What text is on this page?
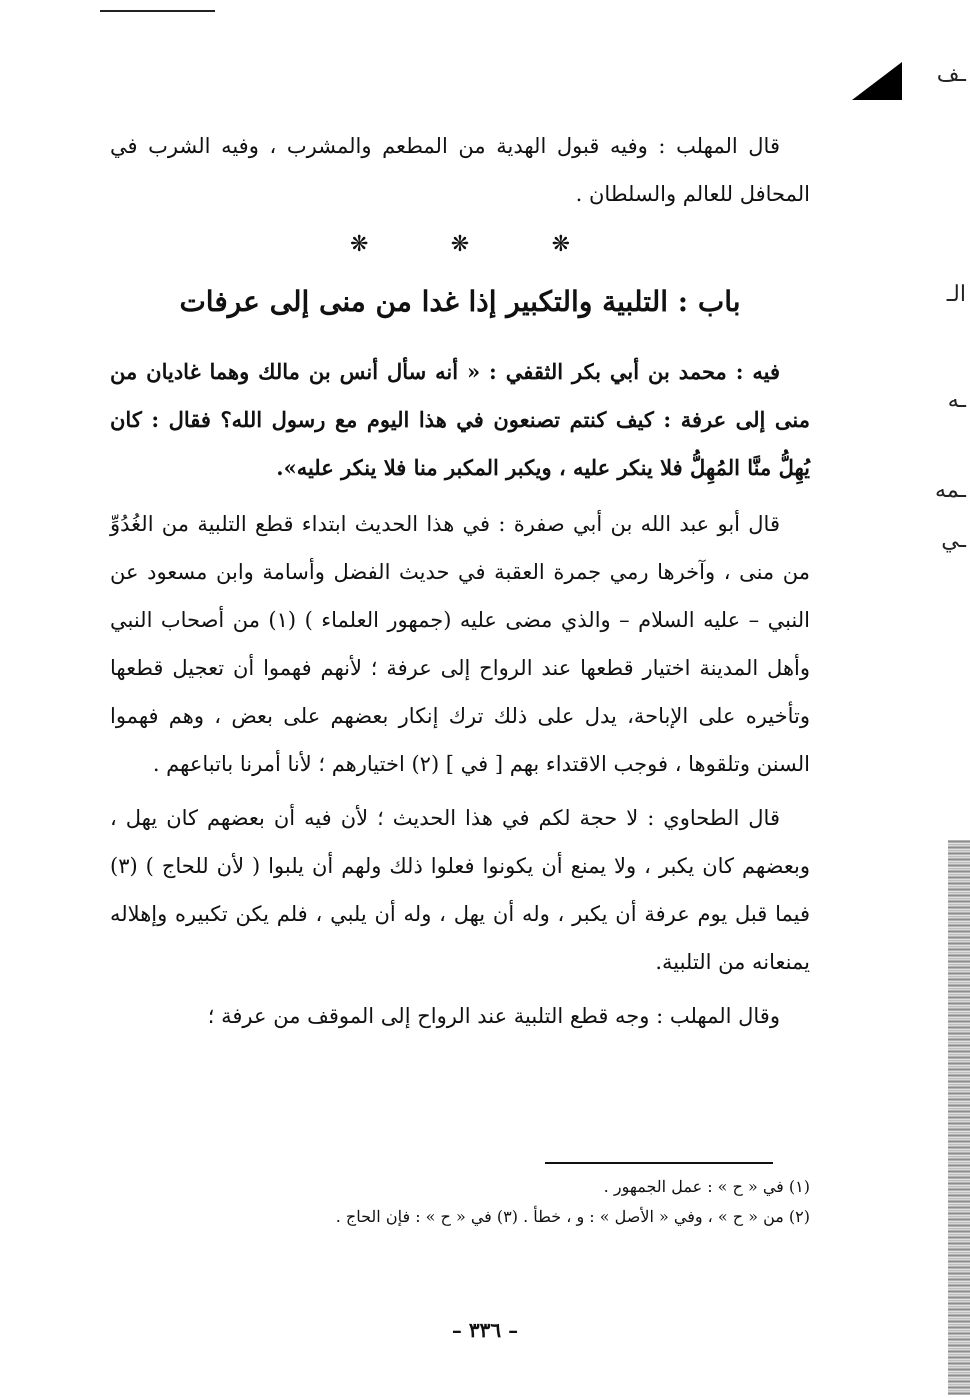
ـف
الـ
ـه
ـمه
ـي

قال المهلب : وفيه قبول الهدية من المطعم والمشرب ، وفيه الشرب في المحافل للعالم والسلطان .

❋
❋
❋
باب : التلبية والتكبير إذا غدا من منى إلى عرفات

فيه : محمد بن أبي بكر الثقفي : « أنه سأل أنس بن مالك وهما غاديان من منى إلى عرفة : كيف كنتم تصنعون في هذا اليوم مع رسول الله؟ فقال : كان يُهِلُّ منَّا المُهِلُّ فلا ينكر عليه ، ويكبر المكبر منا فلا ينكر عليه».

قال أبو عبد الله بن أبي صفرة : في هذا الحديث ابتداء قطع التلبية من الغُدُوِّ من منى ، وآخرها رمي جمرة العقبة في حديث الفضل وأسامة وابن مسعود عن النبي – عليه السلام – والذي مضى عليه (جمهور العلماء ) (١) من أصحاب النبي وأهل المدينة اختيار قطعها عند الرواح إلى عرفة ؛ لأنهم فهموا أن تعجيل قطعها وتأخيره على الإباحة، يدل على ذلك ترك إنكار بعضهم على بعض ، وهم فهموا السنن وتلقوها ، فوجب الاقتداء بهم [ في ] (٢) اختيارهم ؛ لأنا أمرنا باتباعهم .

قال الطحاوي : لا حجة لكم في هذا الحديث ؛ لأن فيه أن بعضهم كان يهل ، وبعضهم كان يكبر ، ولا يمنع أن يكونوا فعلوا ذلك ولهم أن يلبوا ( لأن للحاج ) (٣) فيما قبل يوم عرفة أن يكبر ، وله أن يهل ، وله أن يلبي ، فلم يكن تكبيره وإهلاله يمنعانه من التلبية.

وقال المهلب : وجه قطع التلبية عند الرواح إلى الموقف من عرفة ؛

(١) في « ح » : عمل الجمهور .
(٢) من « ح » ، وفي « الأصل » : و ، خطأ . (٣) في « ح » : فإن الحاج .
– ٣٣٦ –
